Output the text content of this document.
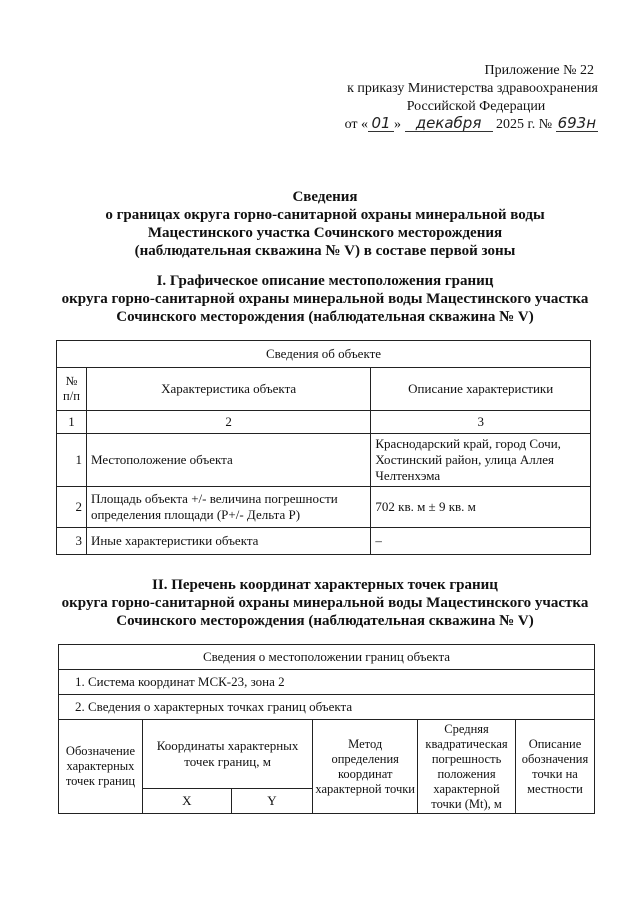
Приложение № 22
к приказу Министерства здравоохранения
Российской Федерации
от « 01 » декабря 2025 г. № 693н
Сведения
о границах округа горно-санитарной охраны минеральной воды
Мацестинского участка Сочинского месторождения
(наблюдательная скважина № V) в составе первой зоны
I. Графическое описание местоположения границ
округа горно-санитарной охраны минеральной воды Мацестинского участка
Сочинского месторождения (наблюдательная скважина № V)
Сведения об объекте		
№ п/п	Характеристика объекта	Описание характеристики
1	2	3
1	Местоположение объекта	Краснодарский край, город Сочи, Хостинский район, улица Аллея Челтенхэма
2	Площадь объекта +/- величина погрешности определения площади (P+/- Дельта P)	702 кв. м ± 9 кв. м
3	Иные характеристики объекта	–
II. Перечень координат характерных точек границ
округа горно-санитарной охраны минеральной воды Мацестинского участка
Сочинского месторождения (наблюдательная скважина № V)
Сведения о местоположении границ объекта					
1. Система координат МСК-23, зона 2					
2. Сведения о характерных точках границ объекта					
Обозначение характерных точек границ	Координаты характерных точек границ, м		Метод определения координат характерной точки	Средняя квадратическая погрешность положения характерной точки (Mt), м	Описание обозначения точки на местности
	X	Y			
